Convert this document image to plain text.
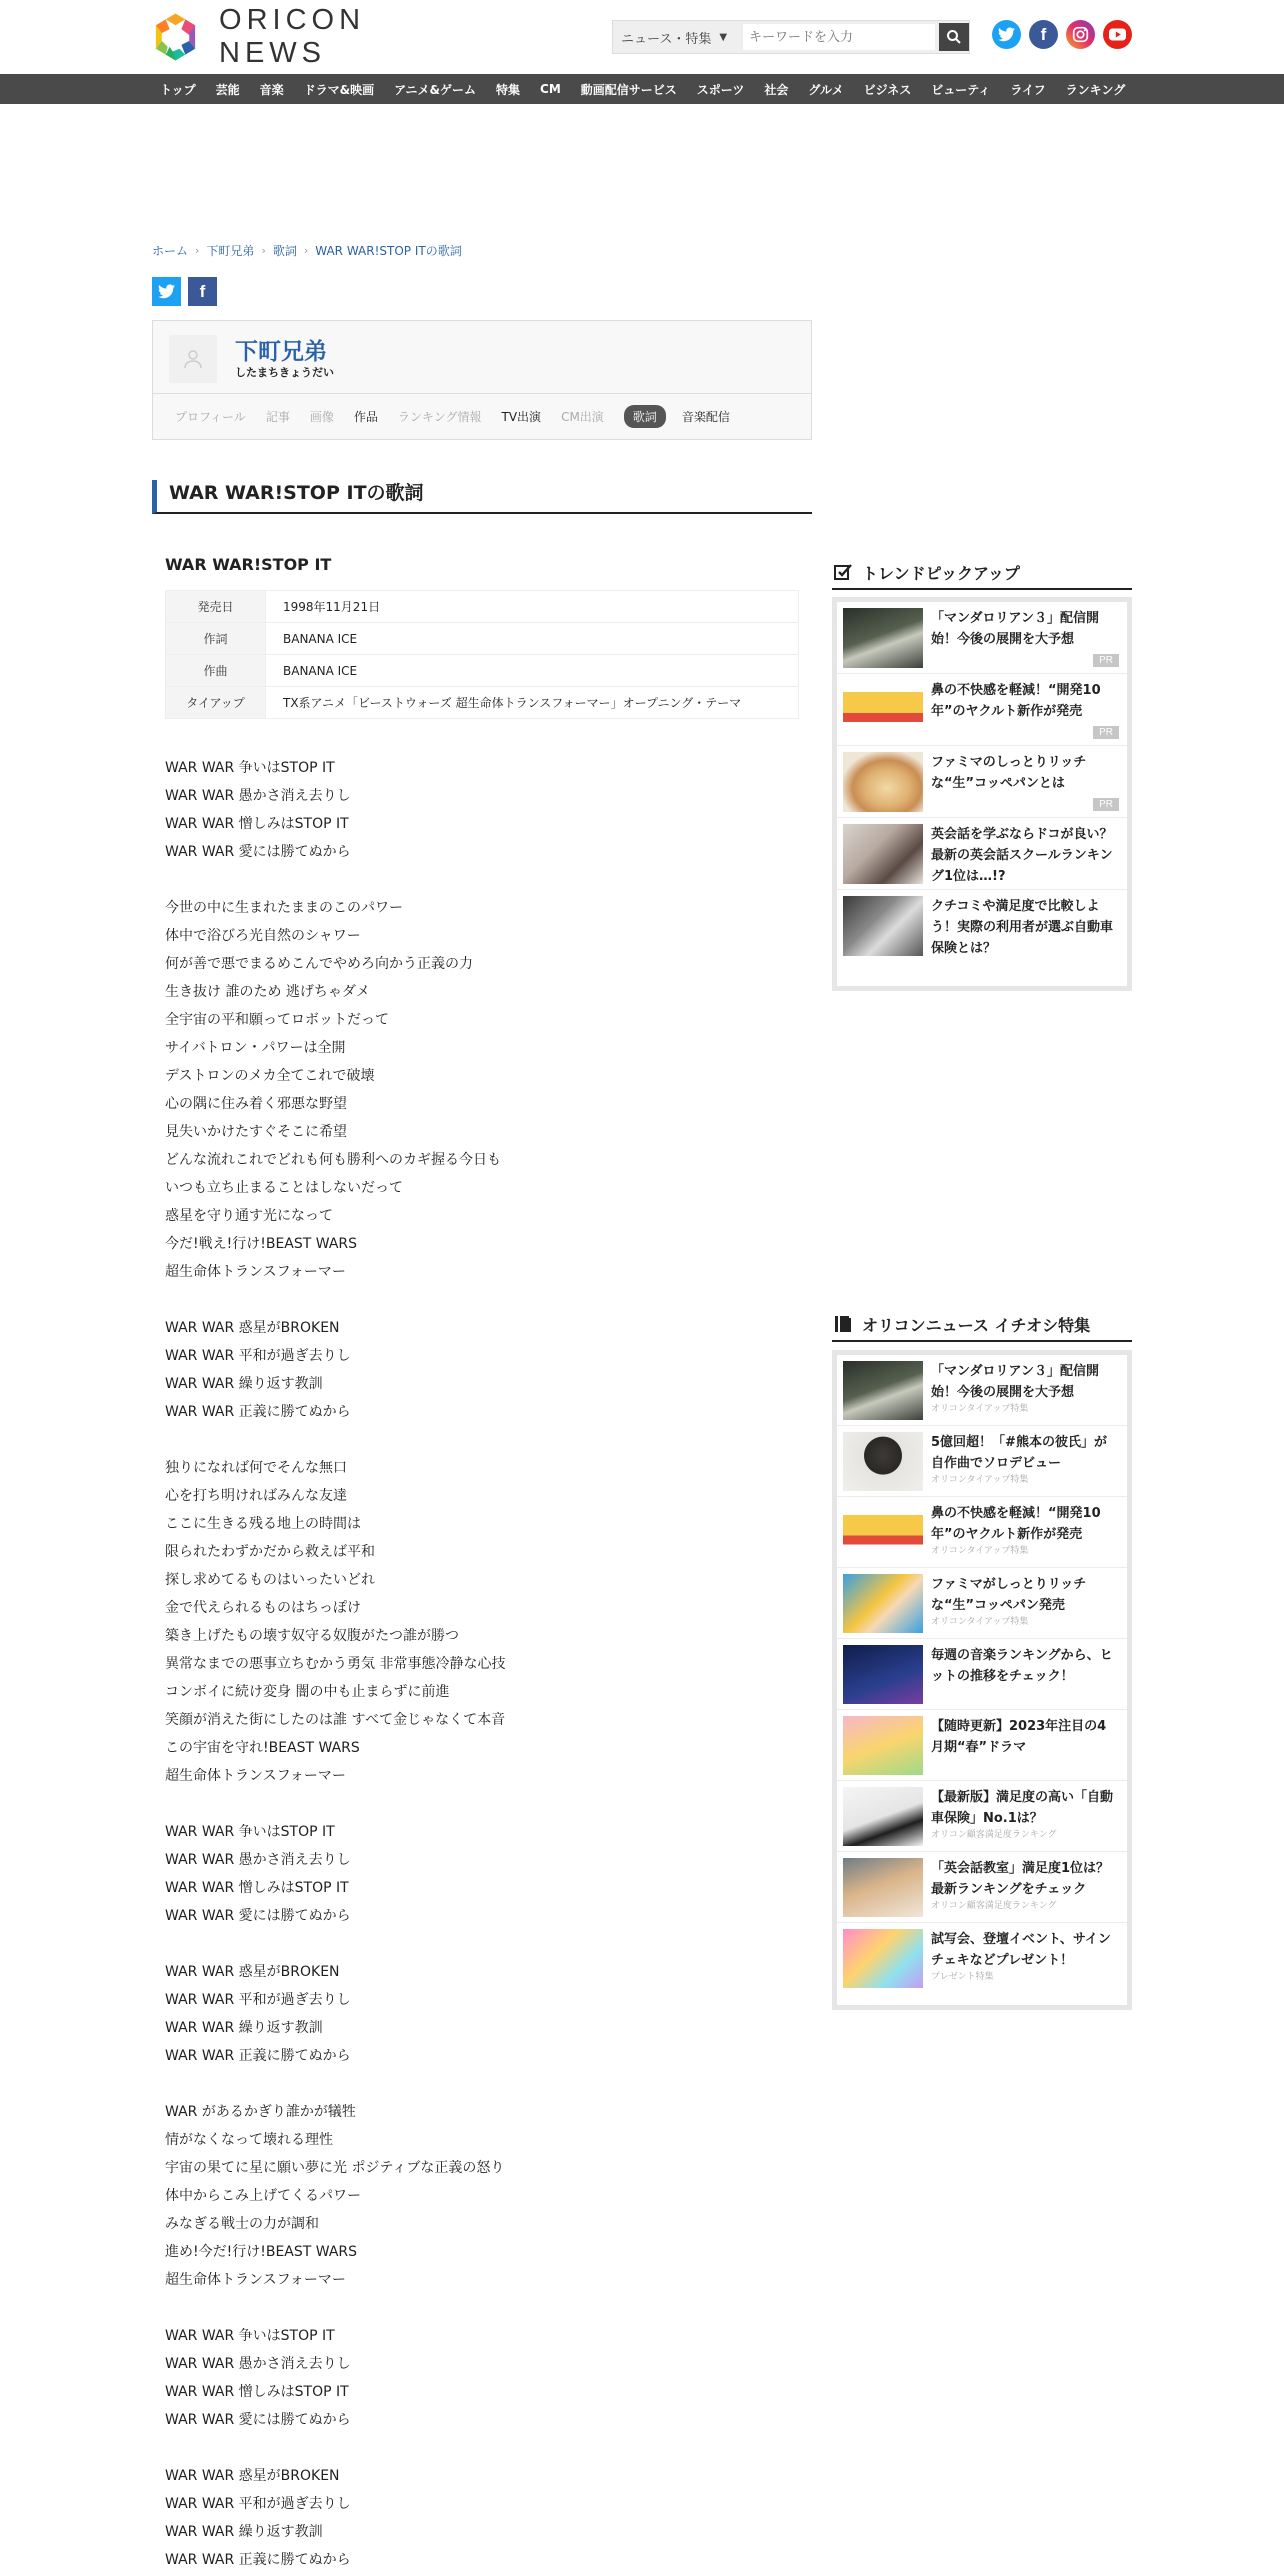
ORICON NEWS	ニュース・特集 ▼
キーワードを入力	f
トップ	芸能	音楽	ドラマ&映画	アニメ&ゲーム	特集	CM	動画配信サービス	スポーツ	社会	グルメ	ビジネス	ビューティ	ライフ	ランキング
ホーム › 下町兄弟 › 歌詞 › WAR WAR!STOP ITの歌詞
f
下町兄弟
したまちきょうだい
プロフィール 記事 画像 作品 ランキング情報 TV出演 CM出演	歌詞	音楽配信
WAR WAR!STOP ITの歌詞
WAR WAR!STOP IT
発売日	1998年11月21日
作詞	BANANA ICE
作曲	BANANA ICE
タイアップ	TX系アニメ「ビーストウォーズ 超生命体トランスフォーマー」オープニング・テーマ
WAR WAR 争いはSTOP IT
WAR WAR 愚かさ消え去りし
WAR WAR 憎しみはSTOP IT
WAR WAR 愛には勝てぬから
今世の中に生まれたままのこのパワー
体中で浴びろ光自然のシャワー
何が善で悪でまるめこんでやめろ向かう正義の力
生き抜け 誰のため 逃げちゃダメ
全宇宙の平和願ってロボットだって
サイバトロン・パワーは全開
デストロンのメカ全てこれで破壊
心の隅に住み着く邪悪な野望
見失いかけたすぐそこに希望
どんな流れこれでどれも何も勝利へのカギ握る今日も
いつも立ち止まることはしないだって
惑星を守り通す光になって
今だ!戦え!行け!BEAST WARS
超生命体トランスフォーマー
WAR WAR 惑星がBROKEN
WAR WAR 平和が過ぎ去りし
WAR WAR 繰り返す教訓
WAR WAR 正義に勝てぬから
独りになれば何でそんな無口
心を打ち明ければみんな友達
ここに生きる残る地上の時間は
限られたわずかだから救えば平和
探し求めてるものはいったいどれ
金で代えられるものはちっぽけ
築き上げたもの壊す奴守る奴腹がたつ誰が勝つ
異常なまでの悪事立ちむかう勇気 非常事態冷静な心技
コンボイに続け変身 闇の中も止まらずに前進
笑顔が消えた街にしたのは誰 すべて金じゃなくて本音
この宇宙を守れ!BEAST WARS
超生命体トランスフォーマー
WAR WAR 争いはSTOP IT
WAR WAR 愚かさ消え去りし
WAR WAR 憎しみはSTOP IT
WAR WAR 愛には勝てぬから
WAR WAR 惑星がBROKEN
WAR WAR 平和が過ぎ去りし
WAR WAR 繰り返す教訓
WAR WAR 正義に勝てぬから
WAR があるかぎり誰かが犠牲
情がなくなって壊れる理性
宇宙の果てに星に願い夢に光 ポジティブな正義の怒り
体中からこみ上げてくるパワー
みなぎる戦士の力が調和
進め!今だ!行け!BEAST WARS
超生命体トランスフォーマー
WAR WAR 争いはSTOP IT
WAR WAR 愚かさ消え去りし
WAR WAR 憎しみはSTOP IT
WAR WAR 愛には勝てぬから
WAR WAR 惑星がBROKEN
WAR WAR 平和が過ぎ去りし
WAR WAR 繰り返す教訓
WAR WAR 正義に勝てぬから
トレンドピックアップ
「マンダロリアン３」配信開始！今後の展開を大予想
PR
鼻の不快感を軽減！“開発10年”のヤクルト新作が発売
PR
ファミマのしっとりリッチな“生”コッペパンとは
PR
英会話を学ぶならドコが良い？最新の英会話スクールランキング1位は…!?
クチコミや満足度で比較しよう！実際の利用者が選ぶ自動車保険とは？
オリコンニュース イチオシ特集
「マンダロリアン３」配信開始！今後の展開を大予想
オリコンタイアップ特集
5億回超！「#熊本の彼氏」が自作曲でソロデビュー
オリコンタイアップ特集
鼻の不快感を軽減！“開発10年”のヤクルト新作が発売
オリコンタイアップ特集
ファミマがしっとりリッチな“生”コッペパン発売
オリコンタイアップ特集
毎週の音楽ランキングから、ヒットの推移をチェック！
【随時更新】2023年注目の4月期“春”ドラマ
【最新版】満足度の高い「自動車保険」No.1は？
オリコン顧客満足度ランキング
「英会話教室」満足度1位は？最新ランキングをチェック
オリコン顧客満足度ランキング
試写会、登壇イベント、サインチェキなどプレゼント！
プレゼント特集
